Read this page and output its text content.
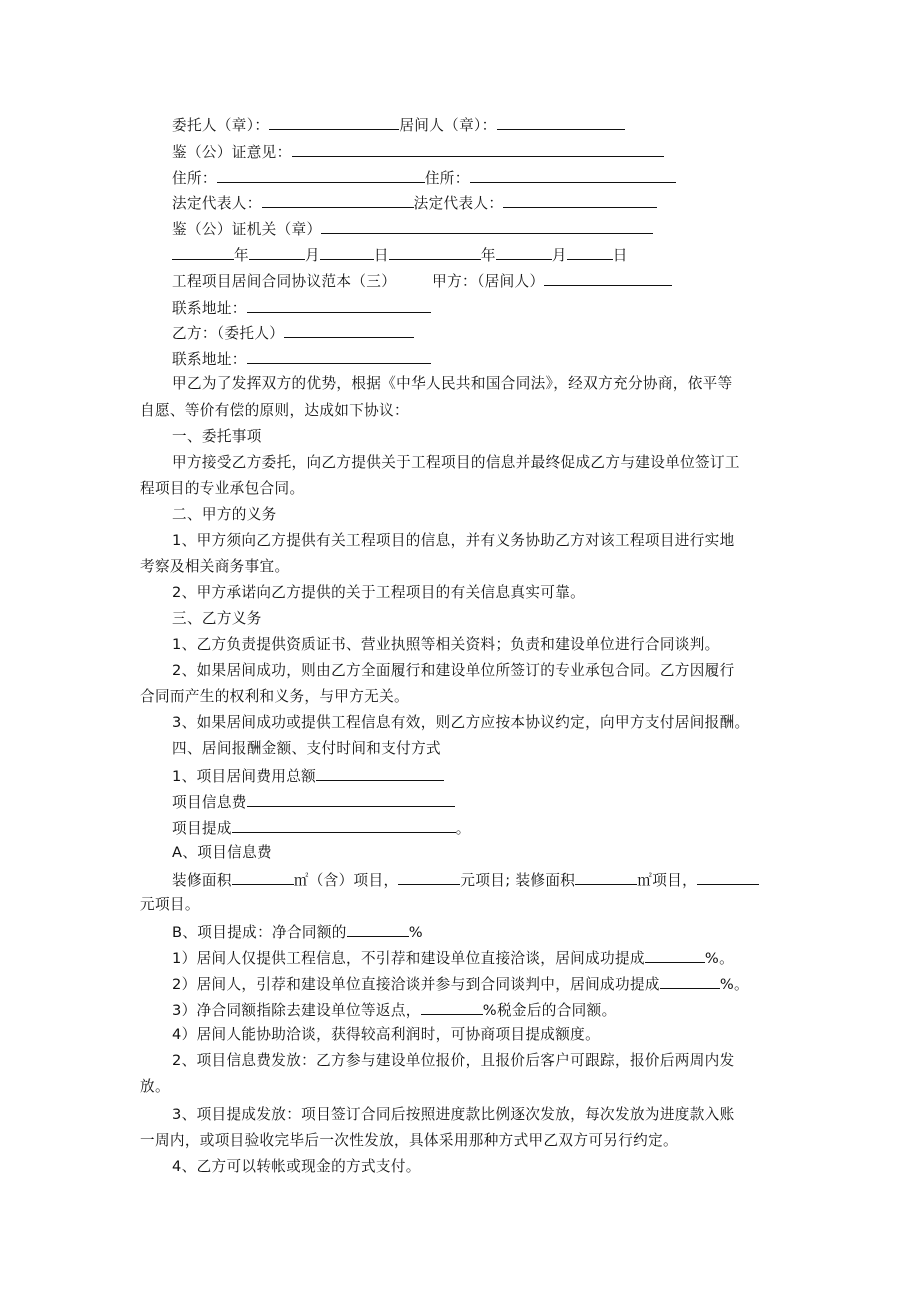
委托人（章）：	居间人（章）：
鉴（公）证意见：
住所：	住所：
法定代表人：	法定代表人：
鉴（公）证机关（章）
年	月	日	年	月	日
工程项目居间合同协议范本（三） 甲方：（居间人）
联系地址：
乙方：（委托人）
联系地址：
甲乙为了发挥双方的优势，根据《中华人民共和国合同法》，经双方充分协商，依平等
自愿、等价有偿的原则，达成如下协议：
一、委托事项
甲方接受乙方委托，向乙方提供关于工程项目的信息并最终促成乙方与建设单位签订工
程项目的专业承包合同。
二、甲方的义务
1、甲方须向乙方提供有关工程项目的信息，并有义务协助乙方对该工程项目进行实地
考察及相关商务事宜。
2、甲方承诺向乙方提供的关于工程项目的有关信息真实可靠。
三、乙方义务
1、乙方负责提供资质证书、营业执照等相关资料；负责和建设单位进行合同谈判。
2、如果居间成功，则由乙方全面履行和建设单位所签订的专业承包合同。乙方因履行
合同而产生的权利和义务，与甲方无关。
3、如果居间成功或提供工程信息有效，则乙方应按本协议约定，向甲方支付居间报酬。
四、居间报酬金额、支付时间和支付方式
1、项目居间费用总额
项目信息费
项目提成	。
A、项目信息费
装修面积	㎡（含）项目，	元项目; 装修面积	㎡项目，
元项目。
B、项目提成：净合同额的	%
1）居间人仅提供工程信息，不引荐和建设单位直接洽谈，居间成功提成	%。
2）居间人，引荐和建设单位直接洽谈并参与到合同谈判中，居间成功提成	%。
3）净合同额指除去建设单位等返点，	%税金后的合同额。
4）居间人能协助洽谈，获得较高利润时，可协商项目提成额度。
2、项目信息费发放：乙方参与建设单位报价，且报价后客户可跟踪，报价后两周内发
放。
3、项目提成发放：项目签订合同后按照进度款比例逐次发放，每次发放为进度款入账
一周内，或项目验收完毕后一次性发放，具体采用那种方式甲乙双方可另行约定。
4、乙方可以转帐或现金的方式支付。
